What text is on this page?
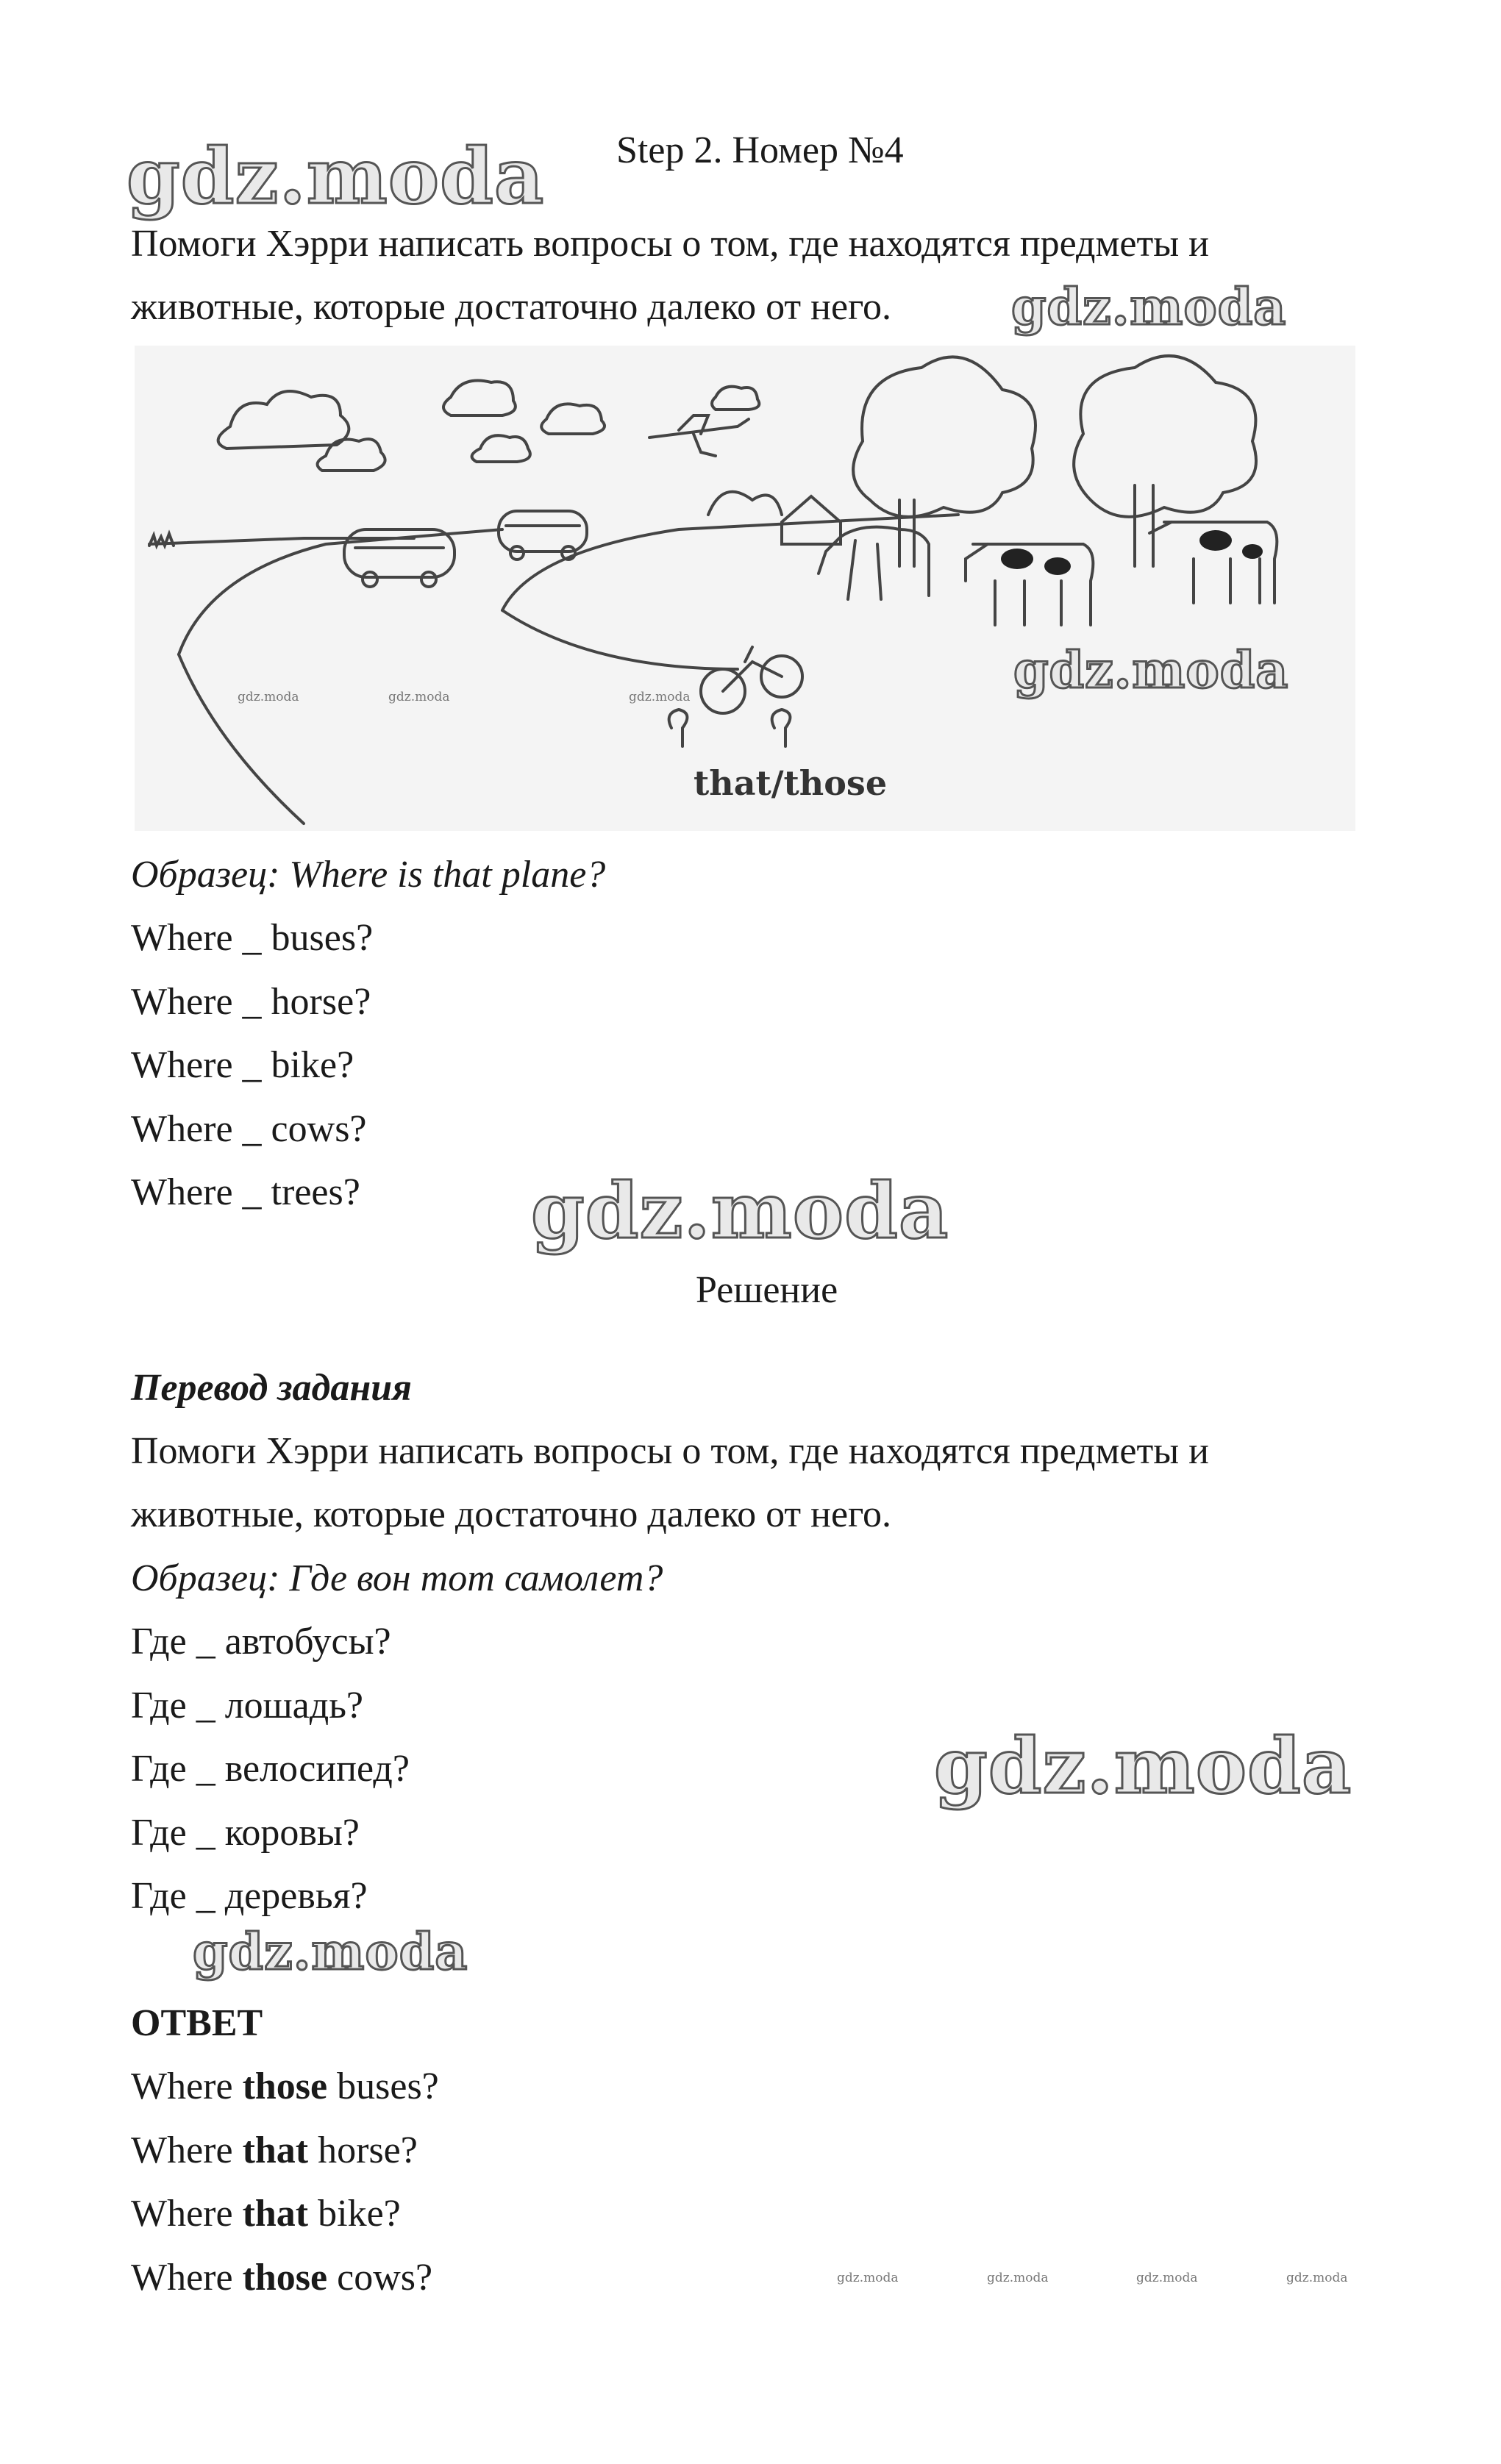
Step 2. Номер №4
gdz.moda
Помоги Хэрри написать вопросы о том, где находятся предметы и
животные, которые достаточно далеко от него. gdz.moda
that/those
gdz.moda
gdz.moda	gdz.moda	gdz.moda
Образец: Where is that plane?
Where _ buses?
Where _ horse?
Where _ bike?
Where _ cows?
Where _ trees? gdz.moda
Решение
Перевод задания
Помоги Хэрри написать вопросы о том, где находятся предметы и
животные, которые достаточно далеко от него.
Образец: Где вон тот самолет?
Где _ автобусы?
Где _ лошадь?
Где _ велосипед?
Где _ коровы?
Где _ деревья?
gdz.moda
gdz.moda
ОТВЕТ
Where those buses?
Where that horse?
Where that bike?
Where those cows?	gdz.moda	gdz.moda	gdz.moda	gdz.moda
